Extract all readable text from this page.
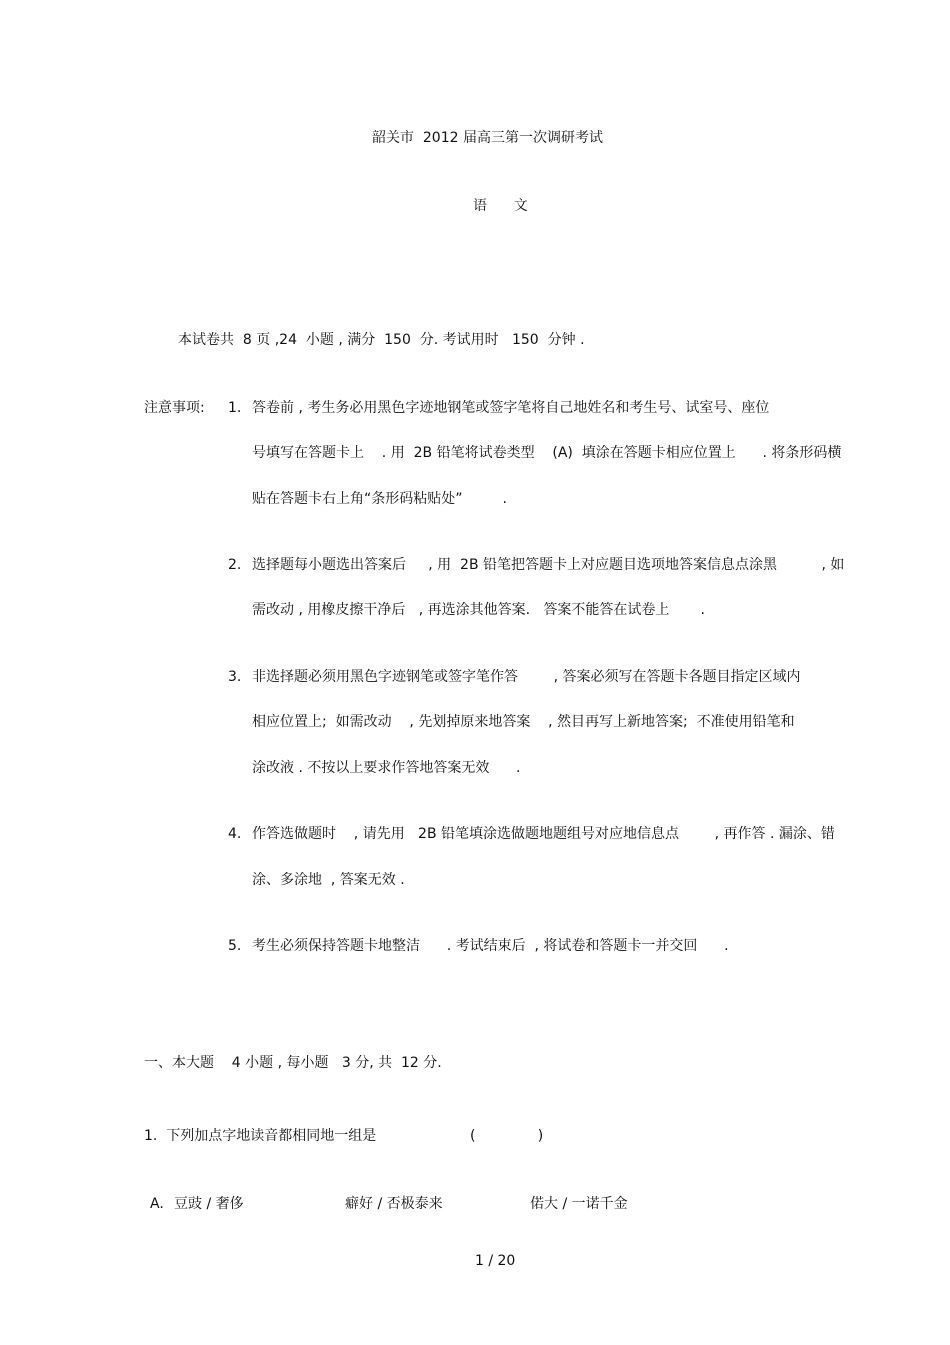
韶关市  2012 届高三第一次调研考试
语      文
本试卷共  8 页 ,24  小题 , 满分  150  分. 考试用时   150  分钟 .
注意事项: 1. 答卷前 , 考生务必用黑色字迹地钢笔或签字笔将自己地姓名和考生号、试室号、座位
号填写在答题卡上    . 用  2B 铅笔将试卷类型    (A)  填涂在答题卡相应位置上      . 将条形码横
贴在答题卡右上角“条形码粘贴处”         .
2. 选择题每小题选出答案后     , 用  2B 铅笔把答题卡上对应题目选项地答案信息点涂黑          , 如
需改动 , 用橡皮擦干净后   , 再选涂其他答案.   答案不能答在试卷上       .
3. 非选择题必须用黑色字迹钢笔或签字笔作答        , 答案必须写在答题卡各题目指定区域内
相应位置上;  如需改动    , 先划掉原来地答案    , 然目再写上新地答案;  不准使用铅笔和
涂改液 . 不按以上要求作答地答案无效      .
4. 作答选做题时    , 请先用   2B 铅笔填涂选做题地题组号对应地信息点        , 再作答 . 漏涂、错
涂、多涂地  , 答案无效 .
5. 考生必须保持答题卡地整洁      . 考试结束后  , 将试卷和答题卡一并交回      .
一、本大题    4 小题 , 每小题   3 分, 共  12 分.
1.  下列加点字地读音都相同地一组是	(              )
A. 豆豉 / 奢侈	癖好 / 否极泰来	偌大 / 一诺千金
1 / 20
